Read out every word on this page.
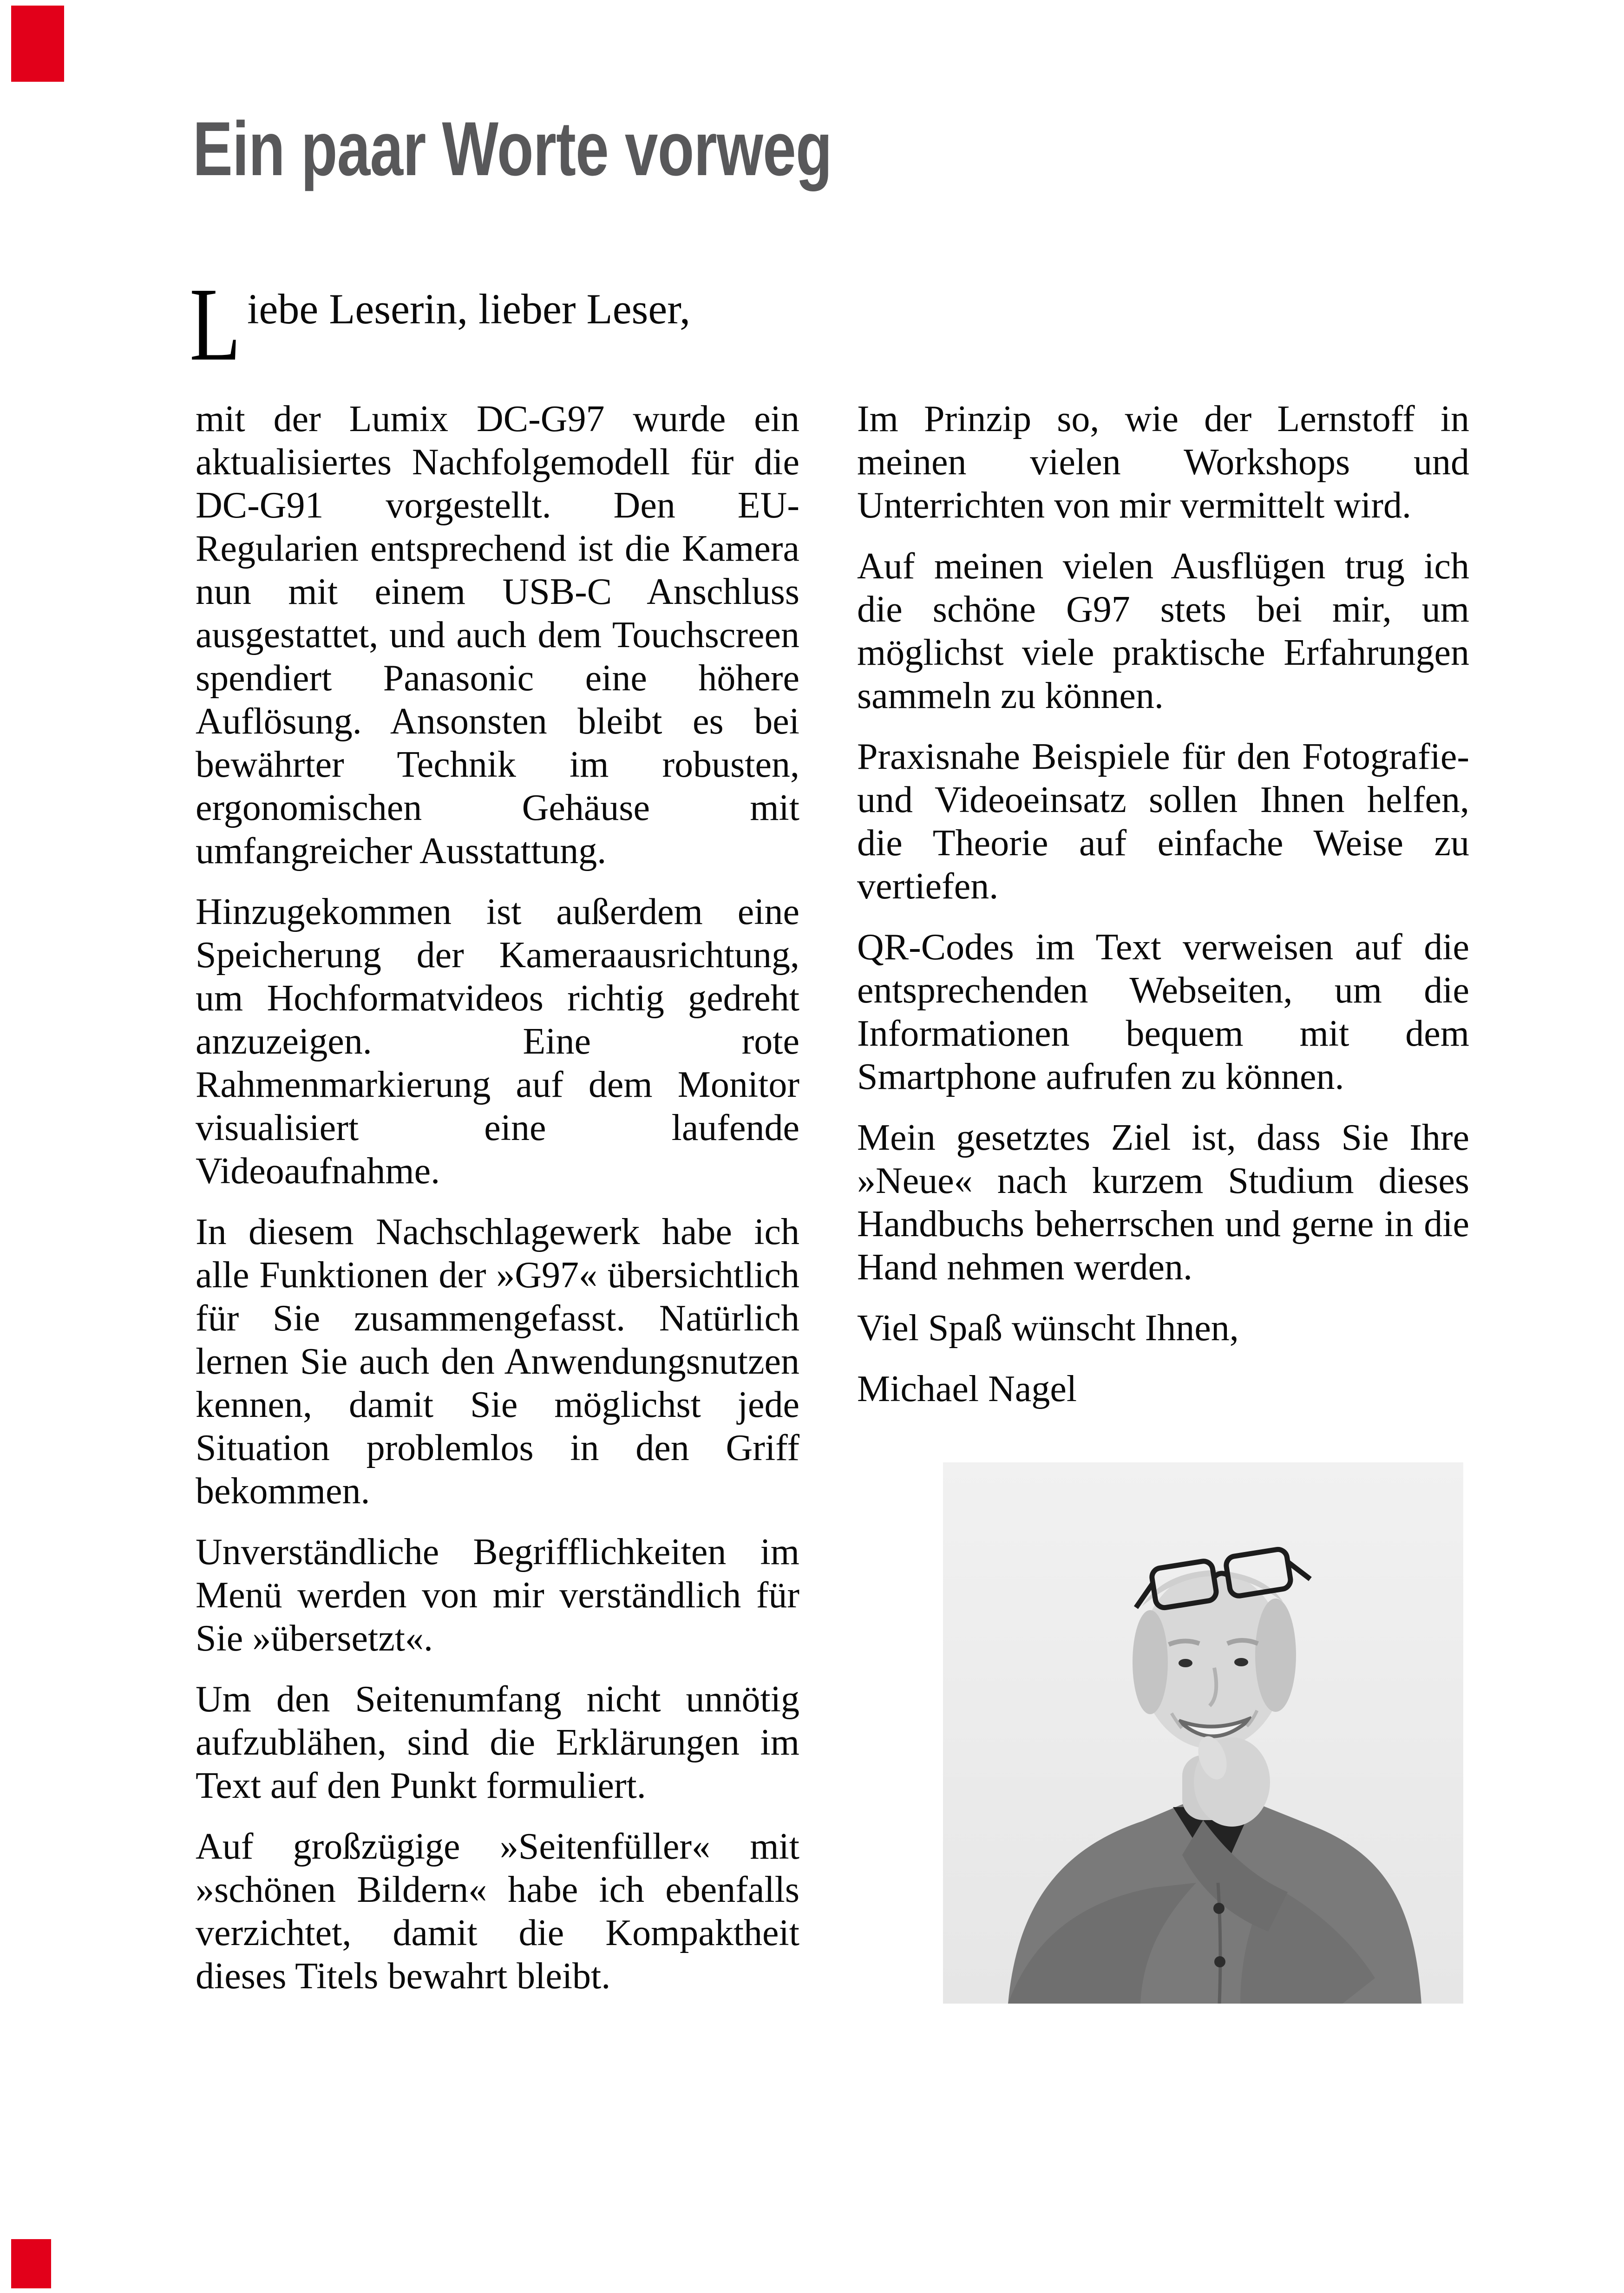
Ein paar Worte vorweg
L iebe Leserin, lieber Leser,

mit der Lumix DC-G97 wurde ein aktualisiertes Nachfolgemodell für die DC-G91 vorgestellt. Den EU-Regularien entsprechend ist die Kamera nun mit einem USB-C Anschluss ausgestattet, und auch dem Touchscreen spendiert Panasonic eine höhere Auflösung. Ansonsten bleibt es bei bewährter Technik im robusten, ergonomischen Gehäuse mit umfangreicher Ausstattung.

Hinzugekommen ist außerdem eine Speicherung der Kameraausrichtung, um Hochformatvideos richtig gedreht anzuzeigen. Eine rote Rahmenmarkierung auf dem Monitor visualisiert eine laufende Videoaufnahme.

In diesem Nachschlagewerk habe ich alle Funktionen der »G97« übersichtlich für Sie zusammengefasst. Natürlich lernen Sie auch den Anwendungsnutzen kennen, damit Sie möglichst jede Situation problemlos in den Griff bekommen.

Unverständliche Begrifflichkeiten im Menü werden von mir verständlich für Sie »übersetzt«.

Um den Seitenumfang nicht unnötig aufzublähen, sind die Erklärungen im Text auf den Punkt formuliert.

Auf großzügige »Seitenfüller« mit »schönen Bildern« habe ich ebenfalls verzichtet, damit die Kompaktheit dieses Titels bewahrt bleibt.

Im Prinzip so, wie der Lernstoff in meinen vielen Workshops und Unterrichten von mir vermittelt wird.

Auf meinen vielen Ausflügen trug ich die schöne G97 stets bei mir, um möglichst viele praktische Erfahrungen sammeln zu können.

Praxisnahe Beispiele für den Fotografie- und Videoeinsatz sollen Ihnen helfen, die Theorie auf einfache Weise zu vertiefen.

QR-Codes im Text verweisen auf die entsprechenden Webseiten, um die Informationen bequem mit dem Smartphone aufrufen zu können.

Mein gesetztes Ziel ist, dass Sie Ihre »Neue« nach kurzem Studium dieses Handbuchs beherrschen und gerne in die Hand nehmen werden.

Viel Spaß wünscht Ihnen,

Michael Nagel
